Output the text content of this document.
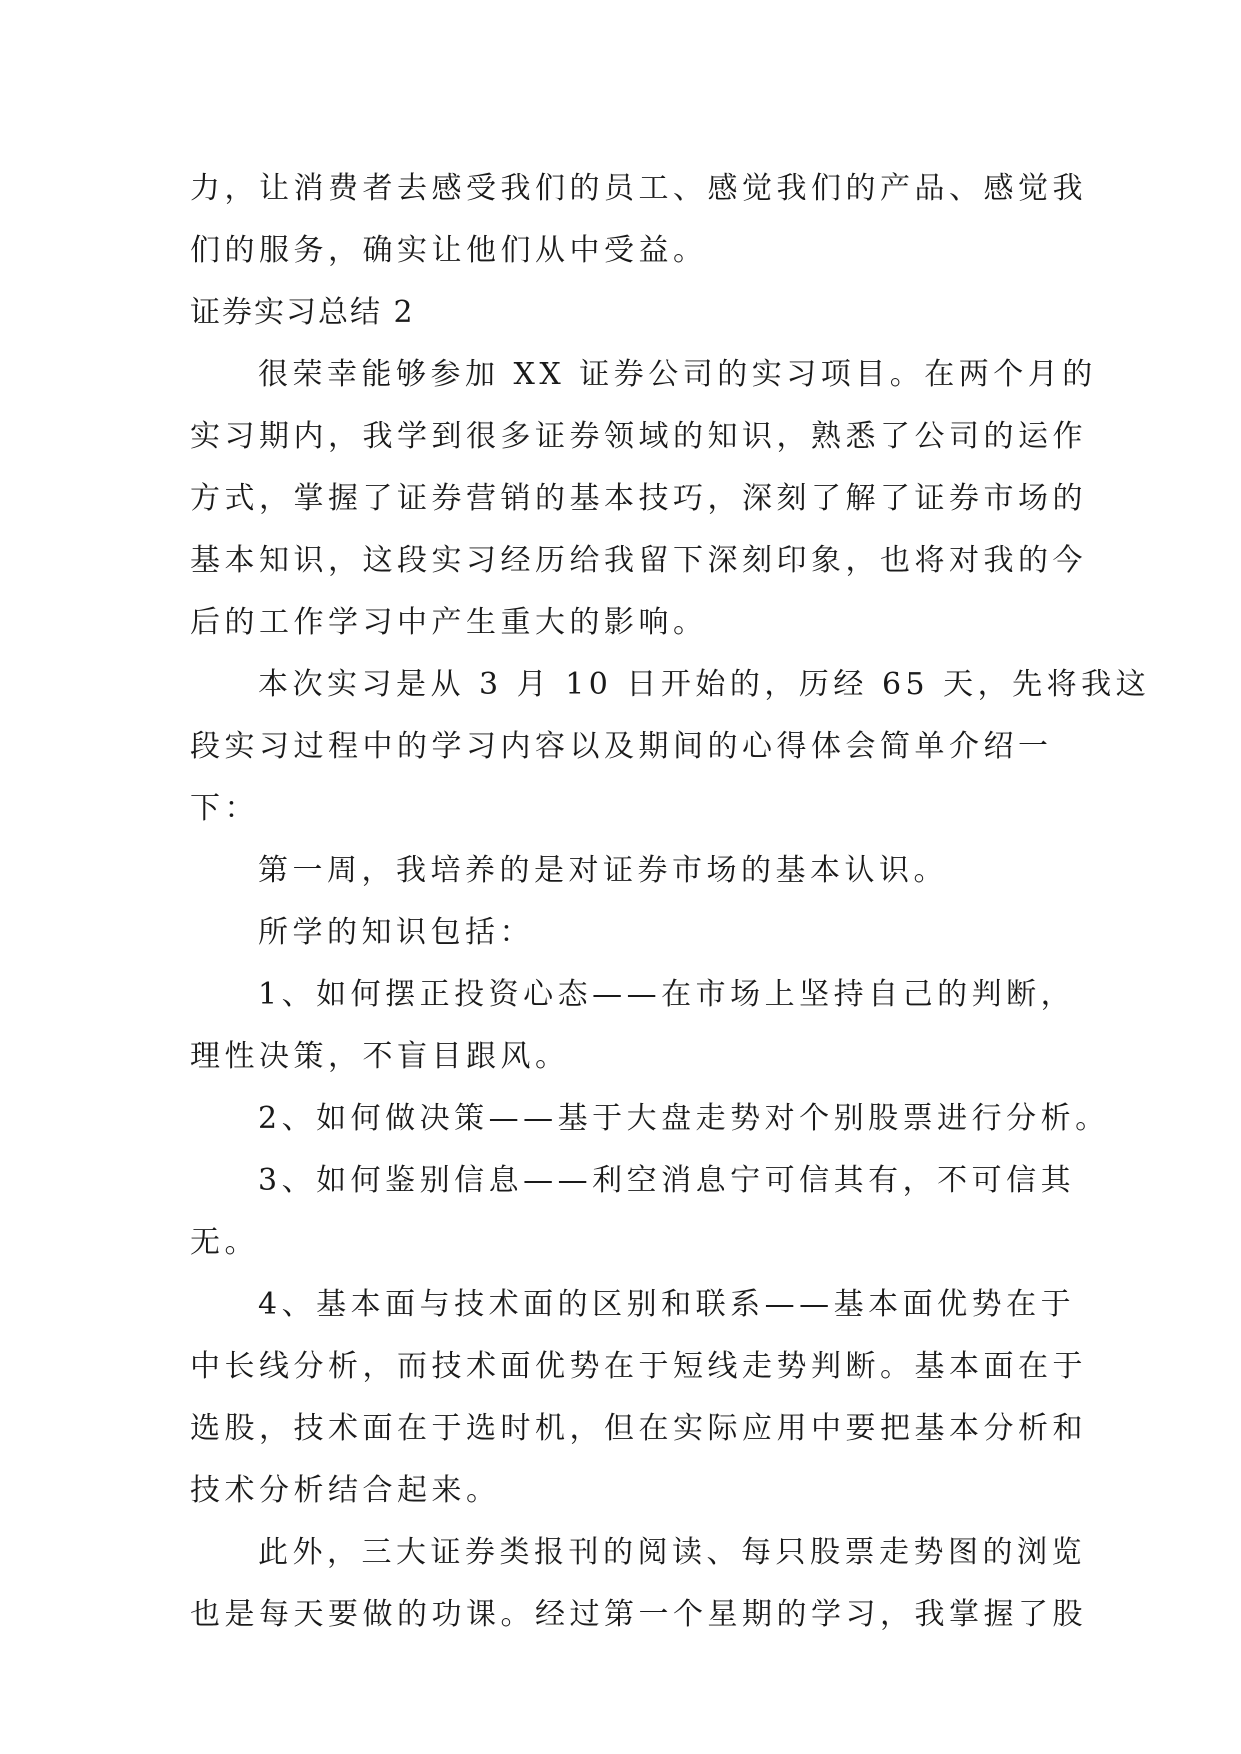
力，让消费者去感受我们的员工、感觉我们的产品、感觉我
们的服务，确实让他们从中受益。
证券实习总结 2
很荣幸能够参加 XX 证券公司的实习项目。在两个月的
实习期内，我学到很多证券领域的知识，熟悉了公司的运作
方式，掌握了证券营销的基本技巧，深刻了解了证券市场的
基本知识，这段实习经历给我留下深刻印象，也将对我的今
后的工作学习中产生重大的影响。
本次实习是从 3 月 10 日开始的，历经 65 天，先将我这
段实习过程中的学习内容以及期间的心得体会简单介绍一
下：
第一周，我培养的是对证券市场的基本认识。
所学的知识包括：
1、如何摆正投资心态——在市场上坚持自己的判断，
理性决策，不盲目跟风。
2、如何做决策——基于大盘走势对个别股票进行分析。
3、如何鉴别信息——利空消息宁可信其有，不可信其
无。
4、基本面与技术面的区别和联系——基本面优势在于
中长线分析，而技术面优势在于短线走势判断。基本面在于
选股，技术面在于选时机，但在实际应用中要把基本分析和
技术分析结合起来。
此外，三大证券类报刊的阅读、每只股票走势图的浏览
也是每天要做的功课。经过第一个星期的学习，我掌握了股
